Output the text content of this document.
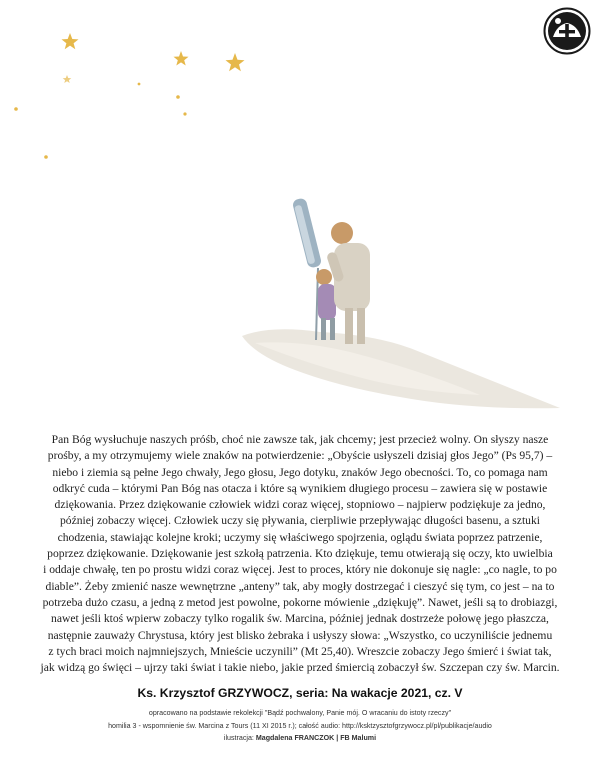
Pan Bóg wysłuchuje naszych próśb, choć nie zawsze tak, jak chcemy; jest przecież wolny. On słyszy nasze
prośby, a my otrzymujemy wiele znaków na potwierdzenie: „Obyście usłyszeli dzisiaj głos Jego” (Ps 95,7) –
niebo i ziemia są pełne Jego chwały, Jego głosu, Jego dotyku, znaków Jego obecności. To, co pomaga nam
odkryć cuda – którymi Pan Bóg nas otacza i które są wynikiem długiego procesu – zawiera się w postawie
dziękowania. Przez dziękowanie człowiek widzi coraz więcej, stopniowo – najpierw podziękuje za jedno,
później zobaczy więcej. Człowiek uczy się pływania, cierpliwie przepływając długości basenu, a sztuki
chodzenia, stawiając kolejne kroki; uczymy się właściwego spojrzenia, oglądu świata poprzez patrzenie,
poprzez dziękowanie. Dziękowanie jest szkołą patrzenia. Kto dziękuje, temu otwierają się oczy, kto uwielbia
i oddaje chwałę, ten po prostu widzi coraz więcej. Jest to proces, który nie dokonuje się nagle: „co nagle, to po
diable”. Żeby zmienić nasze wewnętrzne „anteny” tak, aby mogły dostrzegać i cieszyć się tym, co jest – na to
potrzeba dużo czasu, a jedną z metod jest powolne, pokorne mówienie „dziękuję”. Nawet, jeśli są to drobiazgi,
nawet jeśli ktoś wpierw zobaczy tylko rogalik św. Marcina, później jednak dostrzeże połowę jego płaszcza,
następnie zauważy Chrystusa, który jest blisko żebraka i usłyszy słowa: „Wszystko, co uczyniliście jednemu
z tych braci moich najmniejszych, Mnieście uczynili” (Mt 25,40). Wreszcie zobaczy Jego śmierć i świat tak,
jak widzą go święci – ujrzy taki świat i takie niebo, jakie przed śmiercią zobaczył św. Szczepan czy św. Marcin.
Ks. Krzysztof GRZYWOCZ, seria: Na wakacje 2021, cz. V
opracowano na podstawie rekolekcji "Bądź pochwalony, Panie mój. O wracaniu do istoty rzeczy"
homilia 3 - wspomnienie św. Marcina z Tours (11 XI 2015 r.); całość audio: http://ksktzysztofgrzywocz.pl/pl/publikacje/audio
ilustracja: Magdalena FRANCZOK | FB Malumi
